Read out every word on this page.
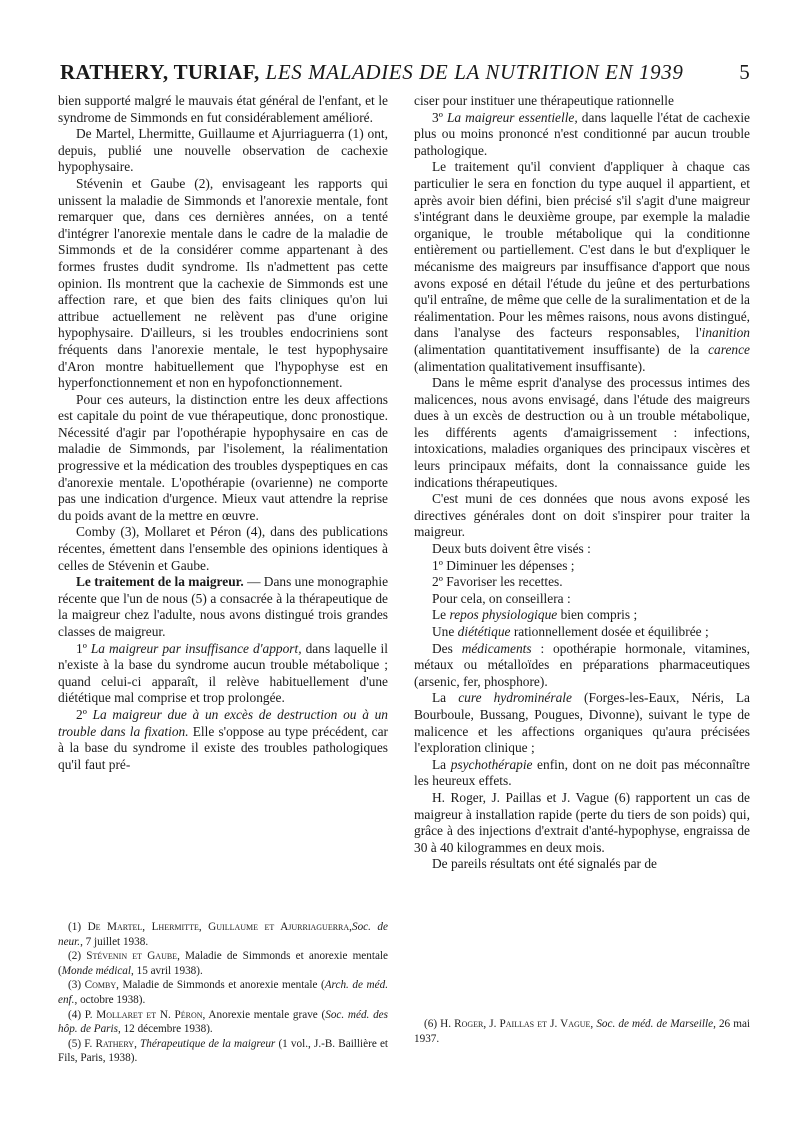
RATHERY, TURIAF, LES MALADIES DE LA NUTRITION EN 1939	5

bien supporté malgré le mauvais état général de l'enfant, et le syndrome de Simmonds en fut considérablement amélioré.

De Martel, Lhermitte, Guillaume et Ajurriaguerra (1) ont, depuis, publié une nouvelle observation de cachexie hypophysaire.

Stévenin et Gaube (2), envisageant les rapports qui unissent la maladie de Simmonds et l'anorexie mentale, font remarquer que, dans ces dernières années, on a tenté d'intégrer l'anorexie mentale dans le cadre de la maladie de Simmonds et de la considérer comme appartenant à des formes frustes dudit syndrome. Ils n'admettent pas cette opinion. Ils montrent que la cachexie de Simmonds est une affection rare, et que bien des faits cliniques qu'on lui attribue actuellement ne relèvent pas d'une origine hypophysaire. D'ailleurs, si les troubles endocriniens sont fréquents dans l'anorexie mentale, le test hypophysaire d'Aron montre habituellement que l'hypophyse est en hyperfonctionnement et non en hypofonctionnement.

Pour ces auteurs, la distinction entre les deux affections est capitale du point de vue thérapeutique, donc pronostique. Nécessité d'agir par l'opothérapie hypophysaire en cas de maladie de Simmonds, par l'isolement, la réalimentation progressive et la médication des troubles dyspeptiques en cas d'anorexie mentale. L'opothérapie (ovarienne) ne comporte pas une indication d'urgence. Mieux vaut attendre la reprise du poids avant de la mettre en œuvre.

Comby (3), Mollaret et Péron (4), dans des publications récentes, émettent dans l'ensemble des opinions identiques à celles de Stévenin et Gaube.

Le traitement de la maigreur. — Dans une monographie récente que l'un de nous (5) a consacrée à la thérapeutique de la maigreur chez l'adulte, nous avons distingué trois grandes classes de maigreur.

1º La maigreur par insuffisance d'apport, dans laquelle il n'existe à la base du syndrome aucun trouble métabolique ; quand celui-ci apparaît, il relève habituellement d'une diététique mal comprise et trop prolongée.

2º La maigreur due à un excès de destruction ou à un trouble dans la fixation. Elle s'oppose au type précédent, car à la base du syndrome il existe des troubles pathologiques qu'il faut pré-

(1) De Martel, Lhermitte, Guillaume et Ajurriaguerra,Soc. de neur., 7 juillet 1938.

(2) Stévenin et Gaube, Maladie de Simmonds et anorexie mentale (Monde médical, 15 avril 1938).

(3) Comby, Maladie de Simmonds et anorexie mentale (Arch. de méd. enf., octobre 1938).

(4) P. Mollaret et N. Péron, Anorexie mentale grave (Soc. méd. des hôp. de Paris, 12 décembre 1938).

(5) F. Rathery, Thérapeutique de la maigreur (1 vol., J.-B. Baillière et Fils, Paris, 1938).

ciser pour instituer une thérapeutique rationnelle

3º La maigreur essentielle, dans laquelle l'état de cachexie plus ou moins prononcé n'est conditionné par aucun trouble pathologique.

Le traitement qu'il convient d'appliquer à chaque cas particulier le sera en fonction du type auquel il appartient, et après avoir bien défini, bien précisé s'il s'agit d'une maigreur s'intégrant dans le deuxième groupe, par exemple la maladie organique, le trouble métabolique qui la conditionne entièrement ou partiellement. C'est dans le but d'expliquer le mécanisme des maigreurs par insuffisance d'apport que nous avons exposé en détail l'étude du jeûne et des perturbations qu'il entraîne, de même que celle de la suralimentation et de la réalimentation. Pour les mêmes raisons, nous avons distingué, dans l'analyse des facteurs responsables, l'inanition (alimentation quantitativement insuffisante) de la carence (alimentation qualitativement insuffisante).

Dans le même esprit d'analyse des processus intimes des malicences, nous avons envisagé, dans l'étude des maigreurs dues à un excès de destruction ou à un trouble métabolique, les différents agents d'amaigrissement : infections, intoxications, maladies organiques des principaux viscères et leurs principaux méfaits, dont la connaissance guide les indications thérapeutiques.

C'est muni de ces données que nous avons exposé les directives générales dont on doit s'inspirer pour traiter la maigreur.

Deux buts doivent être visés :

1º Diminuer les dépenses ;

2º Favoriser les recettes.

Pour cela, on conseillera :

Le repos physiologique bien compris ;

Une diététique rationnellement dosée et équilibrée ;

Des médicaments : opothérapie hormonale, vitamines, métaux ou métalloïdes en préparations pharmaceutiques (arsenic, fer, phosphore).

La cure hydrominérale (Forges-les-Eaux, Néris, La Bourboule, Bussang, Pougues, Divonne), suivant le type de malicence et les affections organiques qu'aura précisées l'exploration clinique ;

La psychothérapie enfin, dont on ne doit pas méconnaître les heureux effets.

H. Roger, J. Paillas et J. Vague (6) rapportent un cas de maigreur à installation rapide (perte du tiers de son poids) qui, grâce à des injections d'extrait d'anté-hypophyse, engraissa de 30 à 40 kilogrammes en deux mois.

De pareils résultats ont été signalés par de

(6) H. Roger, J. Paillas et J. Vague, Soc. de méd. de Marseille, 26 mai 1937.
